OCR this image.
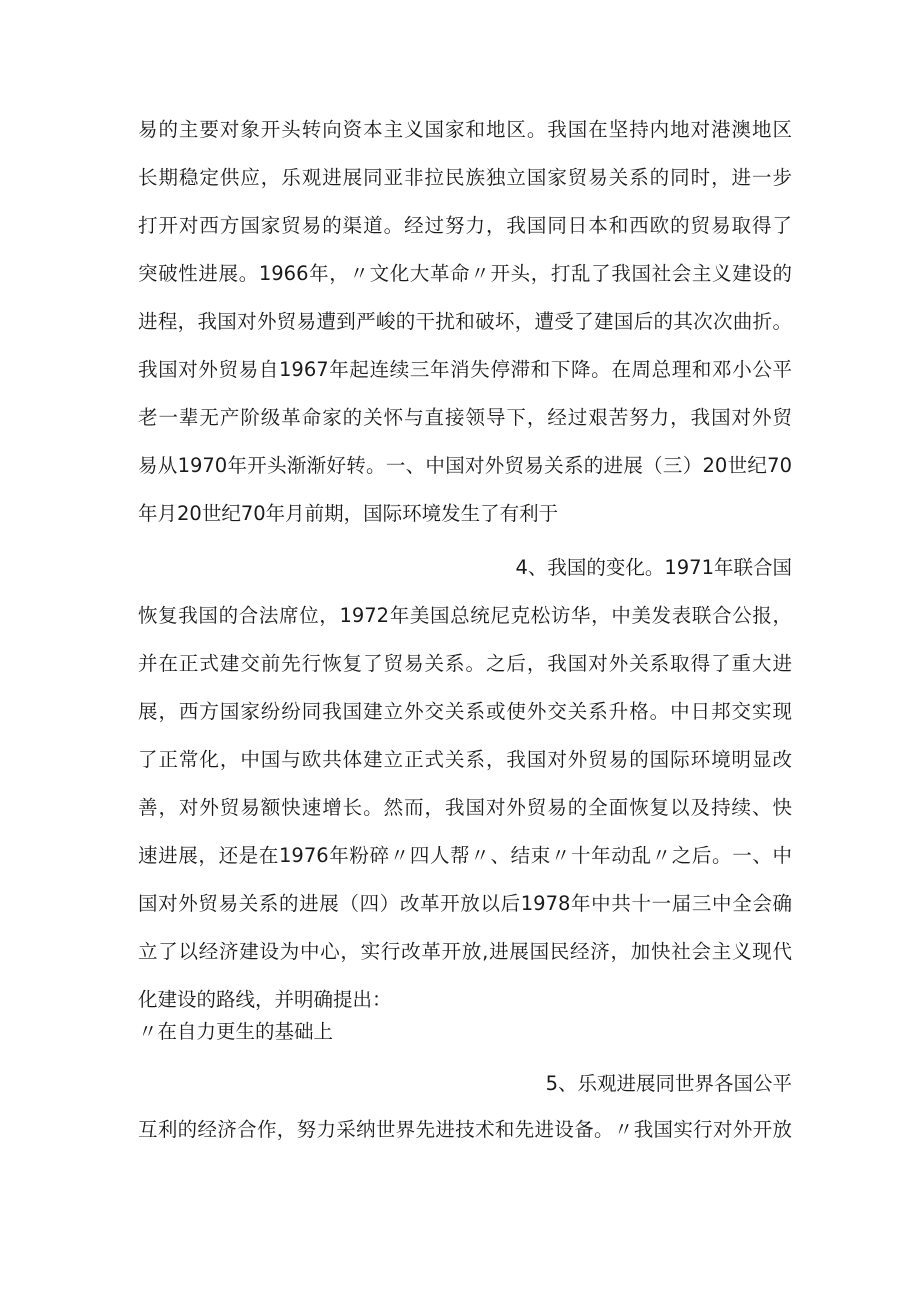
易的主要对象开头转向资本主义国家和地区。我国在坚持内地对港澳地区
长期稳定供应，乐观进展同亚非拉民族独立国家贸易关系的同时，进一步
打开对西方国家贸易的渠道。经过努力，我国同日本和西欧的贸易取得了
突破性进展。1966年，〃文化大革命〃开头，打乱了我国社会主义建设的
进程，我国对外贸易遭到严峻的干扰和破坏，遭受了建国后的其次次曲折。
我国对外贸易自1967年起连续三年消失停滞和下降。在周总理和邓小公平
老一辈无产阶级革命家的关怀与直接领导下，经过艰苦努力，我国对外贸
易从1970年开头渐渐好转。一、中国对外贸易关系的进展（三）20世纪70
年月20世纪70年月前期，国际环境发生了有利于
4、我国的变化。1971年联合国
恢复我国的合法席位，1972年美国总统尼克松访华，中美发表联合公报，
并在正式建交前先行恢复了贸易关系。之后，我国对外关系取得了重大进
展，西方国家纷纷同我国建立外交关系或使外交关系升格。中日邦交实现
了正常化，中国与欧共体建立正式关系，我国对外贸易的国际环境明显改
善，对外贸易额快速增长。然而，我国对外贸易的全面恢复以及持续、快
速进展，还是在1976年粉碎〃四人帮〃、结束〃十年动乱〃之后。一、中
国对外贸易关系的进展（四）改革开放以后1978年中共十一届三中全会确
立了以经济建设为中心，实行改革开放,进展国民经济，加快社会主义现代
化建设的路线，并明确提出：
〃在自力更生的基础上
5、乐观进展同世界各国公平
互利的经济合作，努力采纳世界先进技术和先进设备。〃我国实行对外开放
